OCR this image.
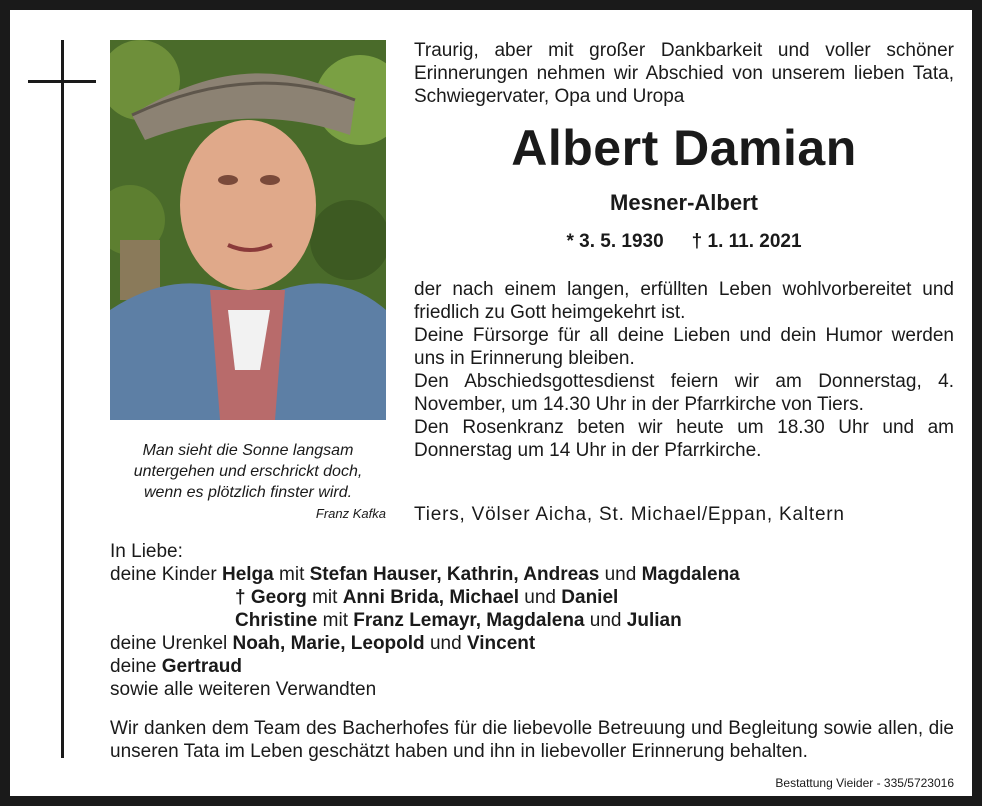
Man sieht die Sonne langsam
untergehen und erschrickt doch,
wenn es plötzlich finster wird.
Franz Kafka
Traurig, aber mit großer Dankbarkeit und voller schöner Erinnerungen nehmen wir Abschied von unserem lieben Tata, Schwiegervater, Opa und Uropa
Albert Damian
Mesner-Albert
* 3. 5. 1930 † 1. 11. 2021

der nach einem langen, erfüllten Leben wohlvorbereitet und friedlich zu Gott heimgekehrt ist.

Deine Fürsorge für all deine Lieben und dein Humor werden uns in Erinnerung bleiben.

Den Abschiedsgottesdienst feiern wir am Donnerstag, 4. November, um 14.30 Uhr in der Pfarrkirche von Tiers.

Den Rosenkranz beten wir heute um 18.30 Uhr und am Donnerstag um 14 Uhr in der Pfarrkirche.

Tiers, Völser Aicha, St. Michael/Eppan, Kaltern
In Liebe:
deine Kinder Helga mit Stefan Hauser, Kathrin, Andreas und Magdalena
† Georg mit Anni Brida, Michael und Daniel
Christine mit Franz Lemayr, Magdalena und Julian
deine Urenkel Noah, Marie, Leopold und Vincent
deine Gertraud
sowie alle weiteren Verwandten
Wir danken dem Team des Bacherhofes für die liebevolle Betreuung und Begleitung sowie allen, die unseren Tata im Leben geschätzt haben und ihn in liebevoller Erinnerung behalten.
Bestattung Vieider - 335/5723016
